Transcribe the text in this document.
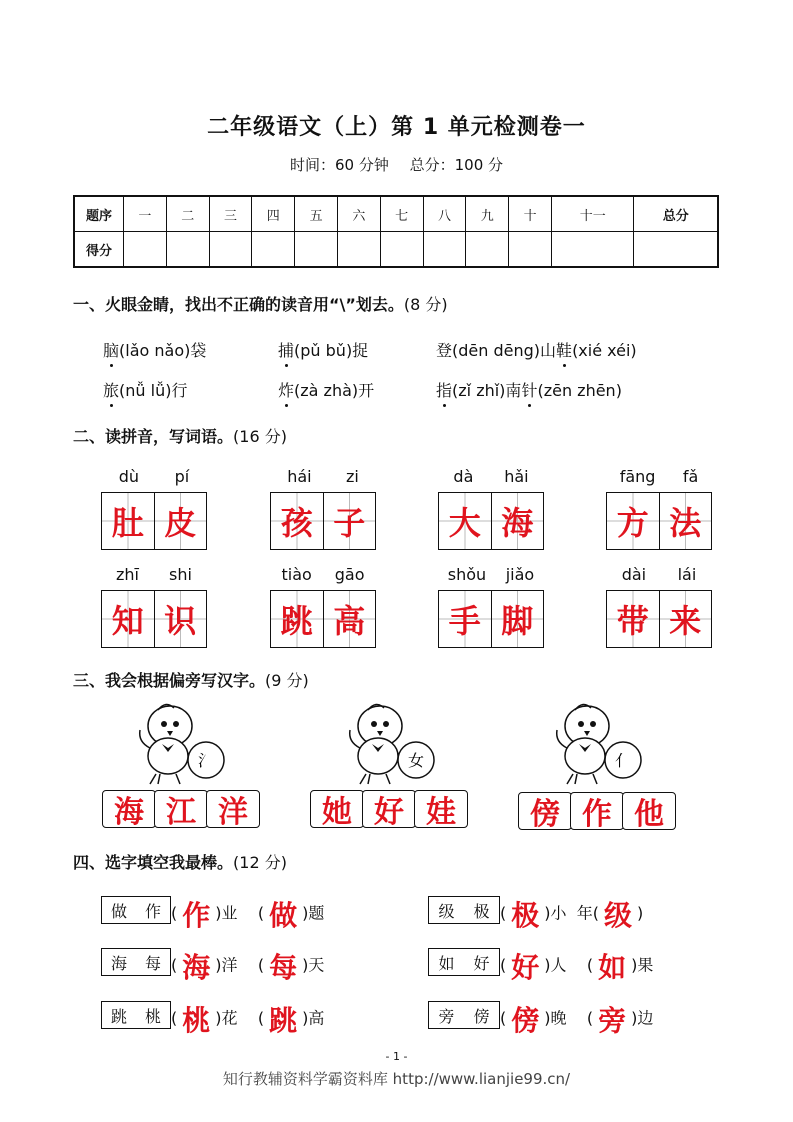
二年级语文（上）第 1 单元检测卷一
时间：60 分钟 总分：100 分
题序	一	二	三	四	五	六	七	八	九	十	十一	总分
得分												
一、火眼金睛，找出不正确的读音用“\”划去。(8 分)
脑(lǎo nǎo)袋	捕(pǔ bǔ)捉	登(dēn dēng)山鞋(xié xéi)
旅(nǚ lǚ)行	炸(zà zhà)开	指(zǐ zhǐ)南针(zēn zhēn)
二、读拼音，写词语。(16 分)
dù pí
肚 皮
hái zi
孩 子
dà hǎi
大 海
fāng fǎ
方 法
zhī shi
知 识
tiào gāo
跳 高
shǒu jiǎo
手 脚
dài lái
带 来
三、我会根据偏旁写汉字。(9 分)
氵	女	亻
海 江 洋	她 好 娃	傍 作 他
四、选字填空我最棒。(12 分)
做 作 ( 作 )业    ( 做 )题	级 极 ( 极 )小 年( 级 )
海 每 ( 海 )洋    ( 每 )天	如 好 ( 好 )人 ( 如 )果
跳 桃 ( 桃 )花    ( 跳 )高	旁 傍 ( 傍 )晚 ( 旁 )边
- 1 -
知行教辅资料学霸资料库 http://www.lianjie99.cn/
